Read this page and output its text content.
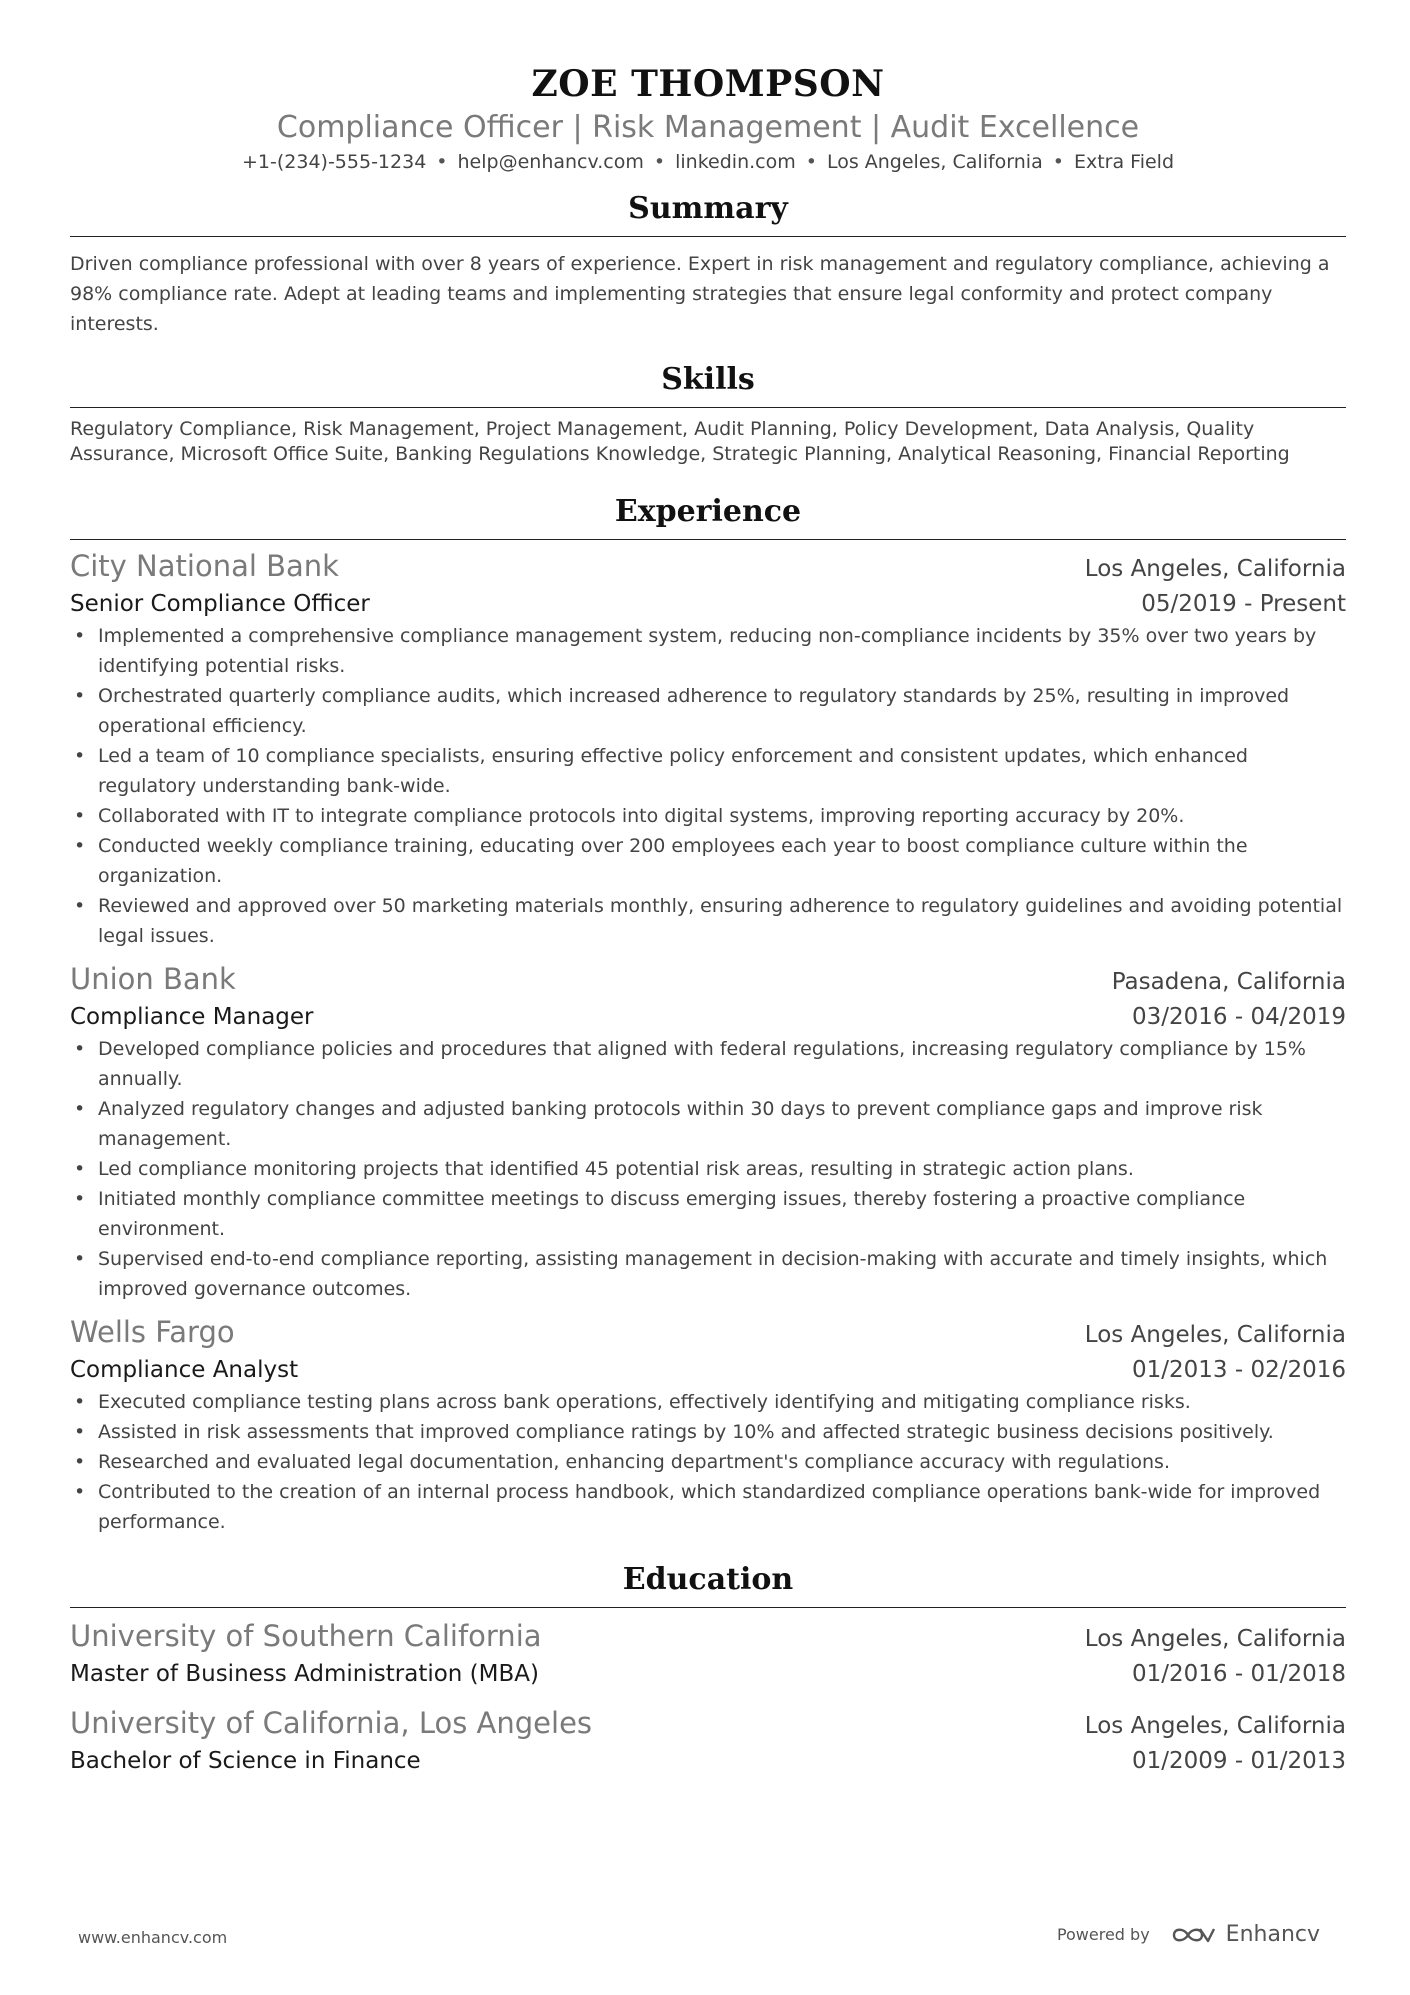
ZOE THOMPSON
Compliance Officer | Risk Management | Audit Excellence
+1-(234)-555-1234 • help@enhancv.com • linkedin.com • Los Angeles, California • Extra Field
Summary
Driven compliance professional with over 8 years of experience. Expert in risk management and regulatory compliance, achieving a 98% compliance rate. Adept at leading teams and implementing strategies that ensure legal conformity and protect company interests.
Skills
Regulatory Compliance, Risk Management, Project Management, Audit Planning, Policy Development, Data Analysis, Quality Assurance, Microsoft Office Suite, Banking Regulations Knowledge, Strategic Planning, Analytical Reasoning, Financial Reporting
Experience
City National Bank	Los Angeles, California
Senior Compliance Officer	05/2019 - Present
• Implemented a comprehensive compliance management system, reducing non-compliance incidents by 35% over two years by identifying potential risks.
• Orchestrated quarterly compliance audits, which increased adherence to regulatory standards by 25%, resulting in improved operational efficiency.
• Led a team of 10 compliance specialists, ensuring effective policy enforcement and consistent updates, which enhanced regulatory understanding bank-wide.
• Collaborated with IT to integrate compliance protocols into digital systems, improving reporting accuracy by 20%.
• Conducted weekly compliance training, educating over 200 employees each year to boost compliance culture within the organization.
• Reviewed and approved over 50 marketing materials monthly, ensuring adherence to regulatory guidelines and avoiding potential legal issues.
Union Bank	Pasadena, California
Compliance Manager	03/2016 - 04/2019
• Developed compliance policies and procedures that aligned with federal regulations, increasing regulatory compliance by 15% annually.
• Analyzed regulatory changes and adjusted banking protocols within 30 days to prevent compliance gaps and improve risk management.
• Led compliance monitoring projects that identified 45 potential risk areas, resulting in strategic action plans.
• Initiated monthly compliance committee meetings to discuss emerging issues, thereby fostering a proactive compliance environment.
• Supervised end-to-end compliance reporting, assisting management in decision-making with accurate and timely insights, which improved governance outcomes.
Wells Fargo	Los Angeles, California
Compliance Analyst	01/2013 - 02/2016
• Executed compliance testing plans across bank operations, effectively identifying and mitigating compliance risks.
• Assisted in risk assessments that improved compliance ratings by 10% and affected strategic business decisions positively.
• Researched and evaluated legal documentation, enhancing department's compliance accuracy with regulations.
• Contributed to the creation of an internal process handbook, which standardized compliance operations bank-wide for improved performance.
Education
University of Southern California	Los Angeles, California
Master of Business Administration (MBA)	01/2016 - 01/2018
University of California, Los Angeles	Los Angeles, California
Bachelor of Science in Finance	01/2009 - 01/2013
www.enhancv.com	Powered by	Enhancv
